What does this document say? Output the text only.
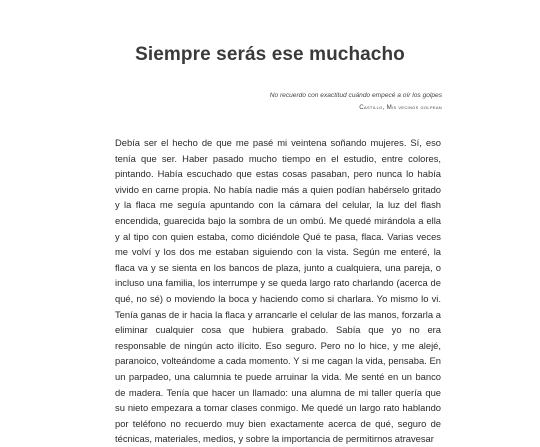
Siempre serás ese muchacho
No recuerdo con exactitud cuándo empecé a oír los golpes
Castillo, Mis vecinos golpean

Debía ser el hecho de que me pasé mi veintena soñando mujeres. Sí, eso tenía que ser. Haber pasado mucho tiempo en el estudio, entre colores, pintando. Había escuchado que estas cosas pasaban, pero nunca lo había vivido en carne propia. No había nadie más a quien podían habérselo gritado y la flaca me seguía apuntando con la cámara del celular, la luz del flash encendida, guarecida bajo la sombra de un ombú. Me quedé mirándola a ella y al tipo con quien estaba, como diciéndole Qué te pasa, flaca. Varias veces me volví y los dos me estaban siguiendo con la vista. Según me enteré, la flaca va y se sienta en los bancos de plaza, junto a cualquiera, una pareja, o incluso una familia, los interrumpe y se queda largo rato charlando (acerca de qué, no sé) o moviendo la boca y haciendo como si charlara. Yo mismo lo vi. Tenía ganas de ir hacia la flaca y arrancarle el celular de las manos, forzarla a eliminar cualquier cosa que hubiera grabado. Sabía que yo no era responsable de ningún acto ilícito. Eso seguro. Pero no lo hice, y me alejé, paranoico, volteándome a cada momento. Y si me cagan la vida, pensaba. En un parpadeo, una calumnia te puede arruinar la vida. Me senté en un banco de madera. Tenía que hacer un llamado: una alumna de mi taller quería que su nieto empezara a tomar clases conmigo. Me quedé un largo rato hablando por teléfono no recuerdo muy bien exactamente acerca de qué, seguro de técnicas, materiales, medios, y sobre la importancia de permitirnos atravesar
